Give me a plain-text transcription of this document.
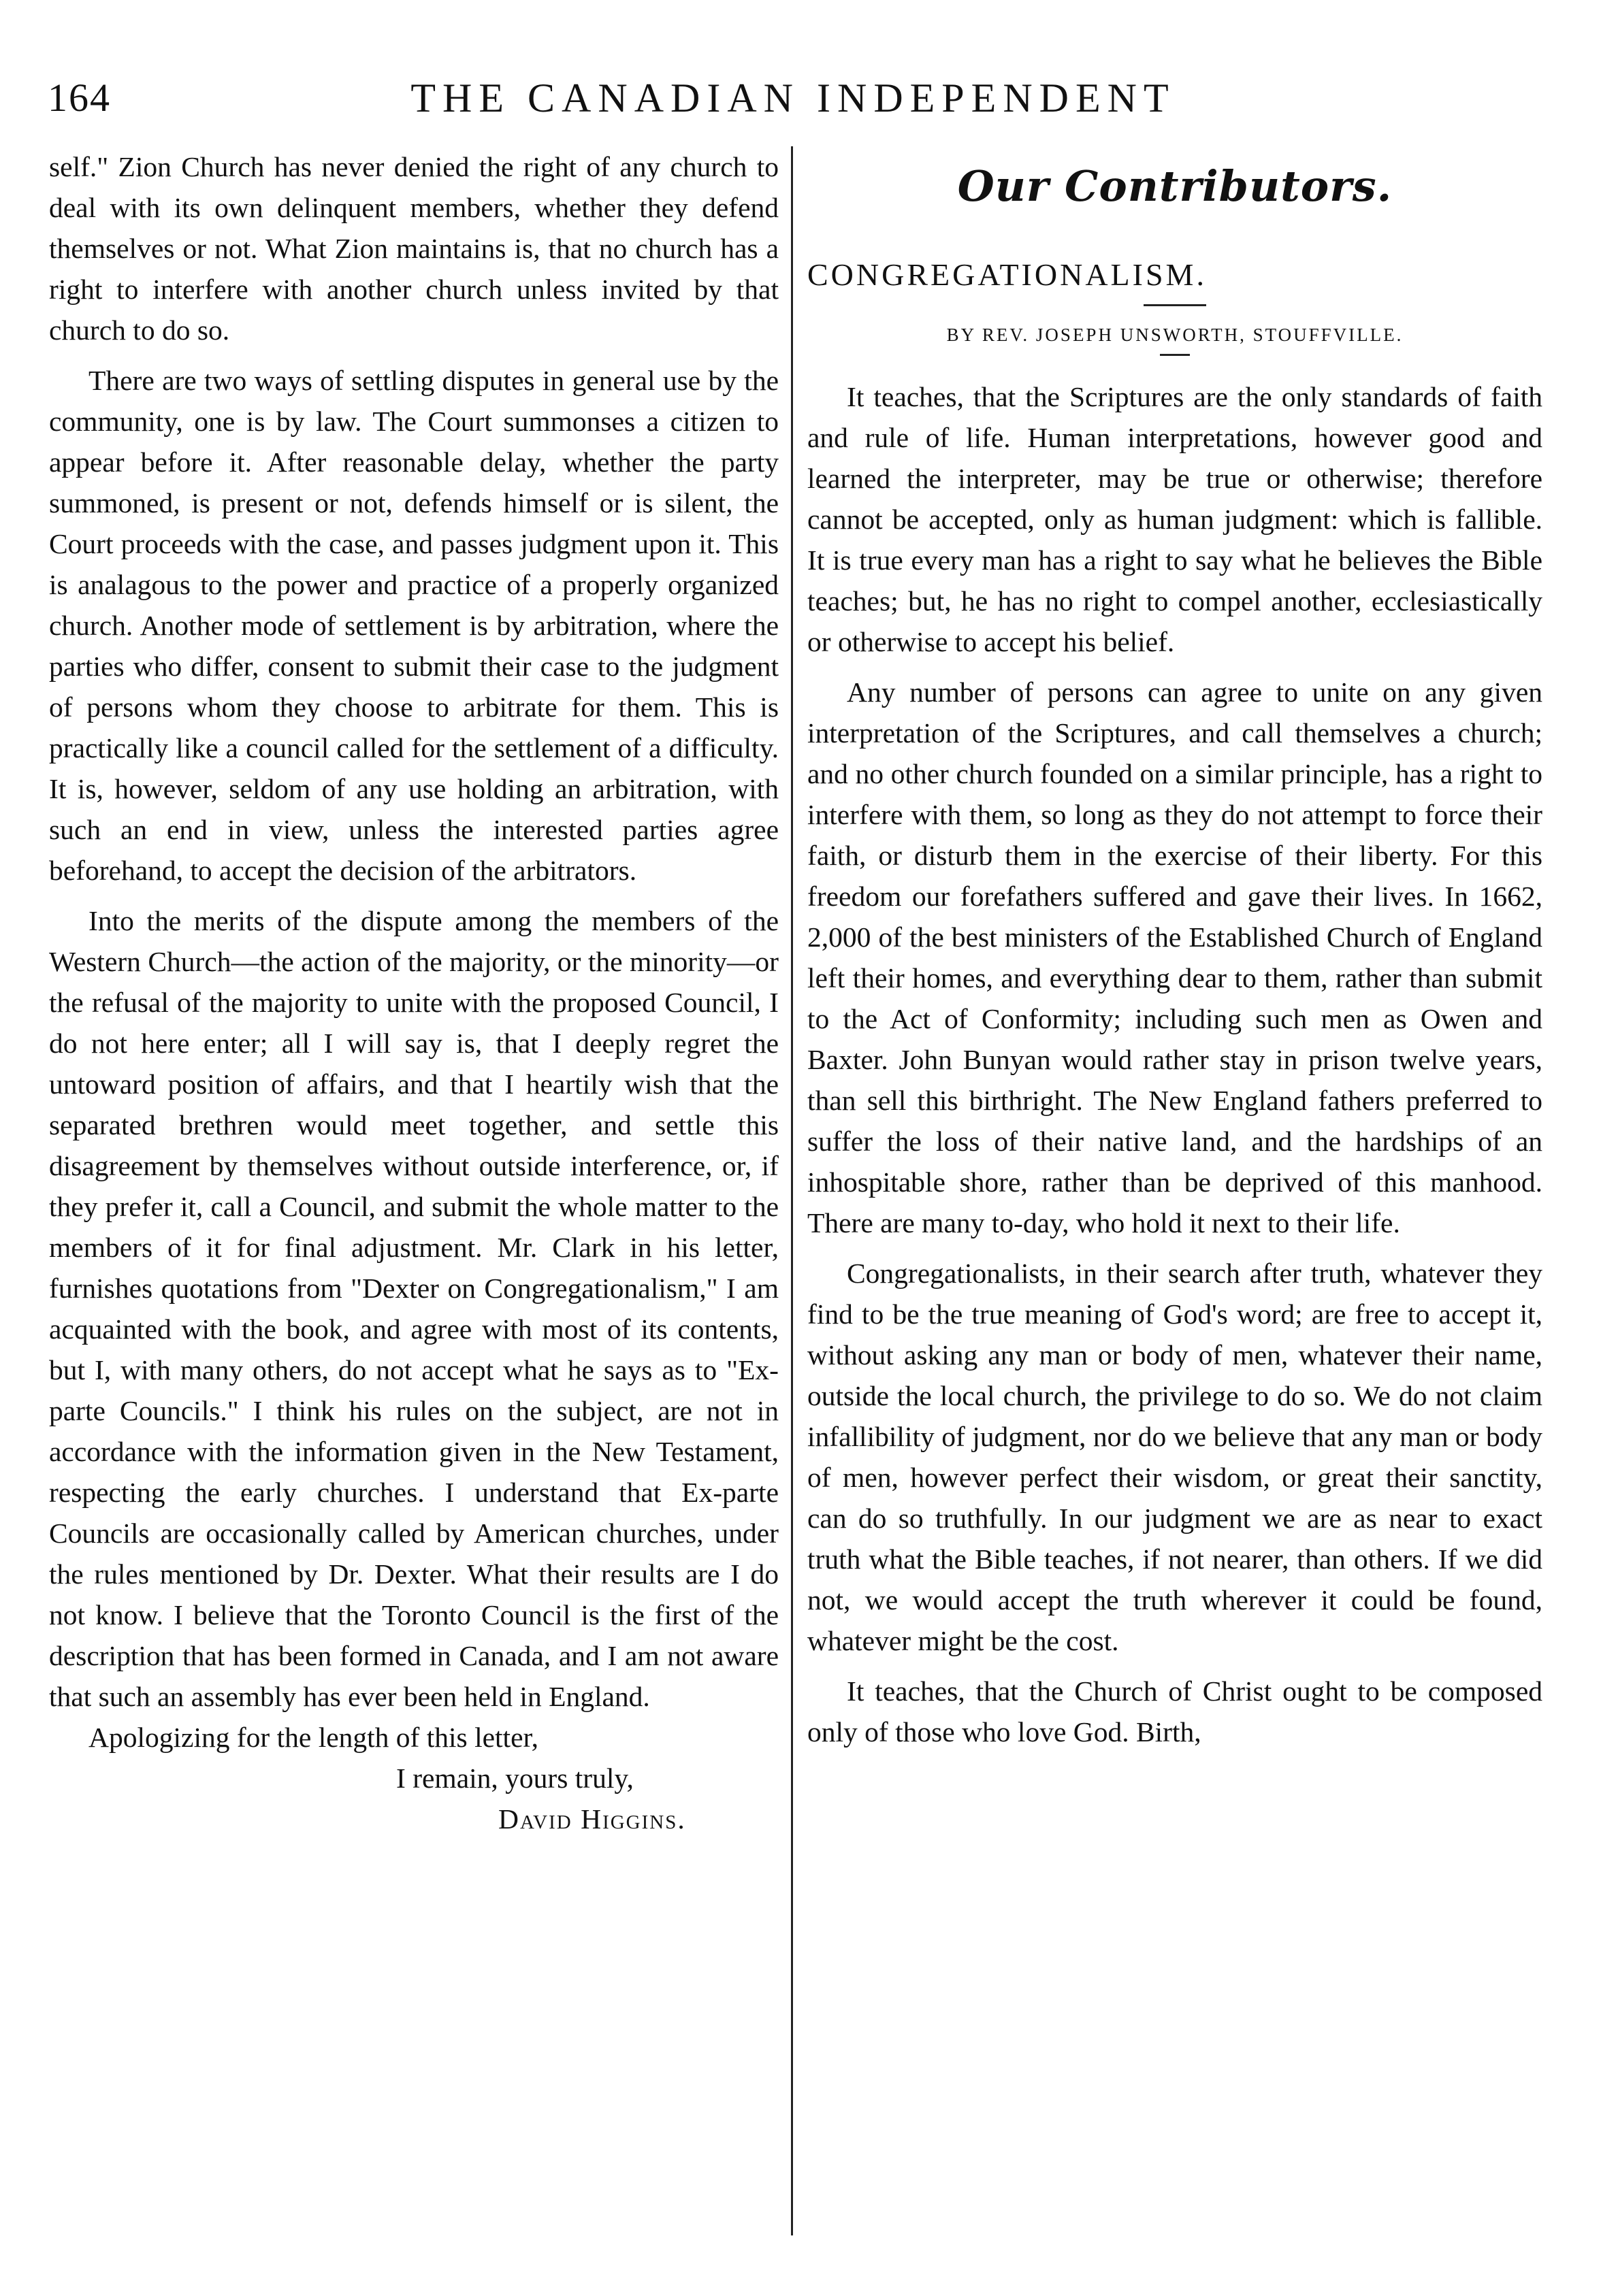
164	THE CANADIAN INDEPENDENT

self." Zion Church has never denied the right of any church to deal with its own delinquent members, whether they defend themselves or not. What Zion maintains is, that no church has a right to interfere with another church unless invited by that church to do so.

There are two ways of settling disputes in general use by the community, one is by law. The Court summonses a citizen to appear before it. After reasonable delay, whether the party summoned, is present or not, defends himself or is silent, the Court proceeds with the case, and passes judgment upon it. This is analagous to the power and practice of a properly organized church. Another mode of settlement is by arbitration, where the parties who differ, consent to submit their case to the judgment of persons whom they choose to arbitrate for them. This is practically like a council called for the settlement of a difficulty. It is, however, seldom of any use holding an arbitration, with such an end in view, unless the interested parties agree beforehand, to accept the decision of the arbitrators.

Into the merits of the dispute among the members of the Western Church—the action of the majority, or the minority—or the refusal of the majority to unite with the proposed Council, I do not here enter; all I will say is, that I deeply regret the untoward position of affairs, and that I heartily wish that the separated brethren would meet together, and settle this disagreement by themselves without outside interference, or, if they prefer it, call a Council, and submit the whole matter to the members of it for final adjustment. Mr. Clark in his letter, furnishes quotations from "Dexter on Congregationalism," I am acquainted with the book, and agree with most of its contents, but I, with many others, do not accept what he says as to "Ex-parte Councils." I think his rules on the subject, are not in accordance with the information given in the New Testament, respecting the early churches. I understand that Ex-parte Councils are occasionally called by American churches, under the rules mentioned by Dr. Dexter. What their results are I do not know. I believe that the Toronto Council is the first of the description that has been formed in Canada, and I am not aware that such an assembly has ever been held in England.

Apologizing for the length of this letter,

I remain, yours truly,

David Higgins.

Our Contributors.

CONGREGATIONALISM.

BY REV. JOSEPH UNSWORTH, STOUFFVILLE.

It teaches, that the Scriptures are the only standards of faith and rule of life. Human interpretations, however good and learned the interpreter, may be true or otherwise; therefore cannot be accepted, only as human judgment: which is fallible. It is true every man has a right to say what he believes the Bible teaches; but, he has no right to compel another, ecclesiastically or otherwise to accept his belief.

Any number of persons can agree to unite on any given interpretation of the Scriptures, and call themselves a church; and no other church founded on a similar principle, has a right to interfere with them, so long as they do not attempt to force their faith, or disturb them in the exercise of their liberty. For this freedom our forefathers suffered and gave their lives. In 1662, 2,000 of the best ministers of the Established Church of England left their homes, and everything dear to them, rather than submit to the Act of Conformity; including such men as Owen and Baxter. John Bunyan would rather stay in prison twelve years, than sell this birthright. The New England fathers preferred to suffer the loss of their native land, and the hardships of an inhospitable shore, rather than be deprived of this manhood. There are many to-day, who hold it next to their life.

Congregationalists, in their search after truth, whatever they find to be the true meaning of God's word; are free to accept it, without asking any man or body of men, whatever their name, outside the local church, the privilege to do so. We do not claim infallibility of judgment, nor do we believe that any man or body of men, however perfect their wisdom, or great their sanctity, can do so truthfully. In our judgment we are as near to exact truth what the Bible teaches, if not nearer, than others. If we did not, we would accept the truth wherever it could be found, whatever might be the cost.

It teaches, that the Church of Christ ought to be composed only of those who love God. Birth,
